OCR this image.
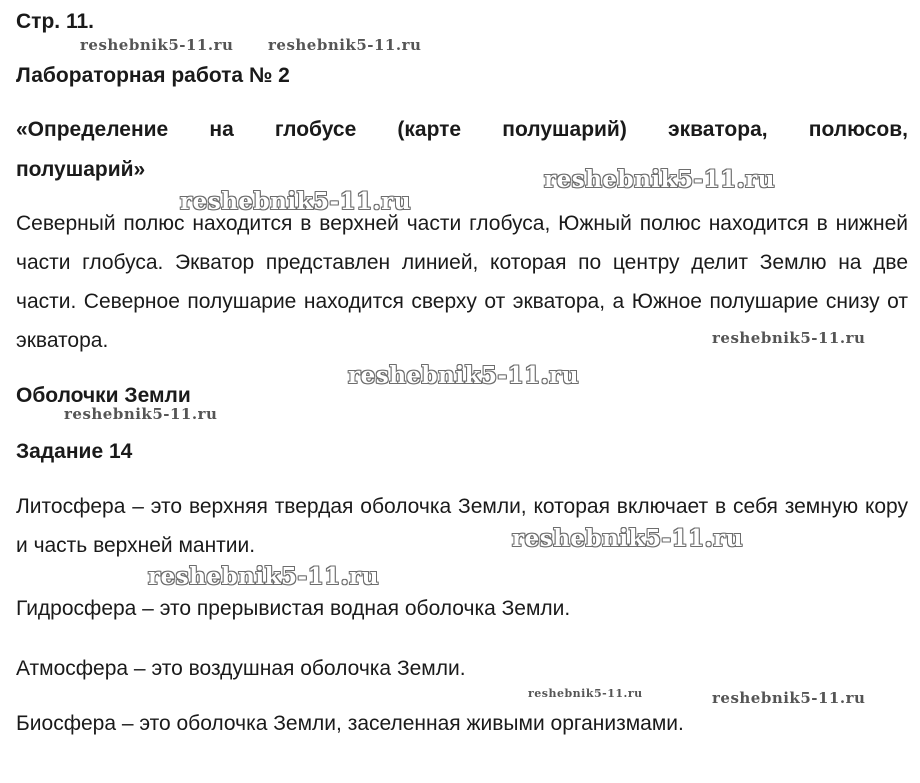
Стр. 11.

Лабораторная работа № 2

«Определение на глобусе (карте полушарий) экватора, полюсов,

полушарий»

Северный полюс находится в верхней части глобуса, Южный полюс находится в нижней части глобуса. Экватор представлен линией, которая по центру делит Землю на две части. Северное полушарие находится сверху от экватора, а Южное полушарие снизу от экватора.

Оболочки Земли

Задание 14

Литосфера – это верхняя твердая оболочка Земли, которая включает в себя земную кору и часть верхней мантии.

Гидросфера – это прерывистая водная оболочка Земли.

Атмосфера – это воздушная оболочка Земли.

Биосфера – это оболочка Земли, заселенная живыми организмами.

reshebnik5-11.ru reshebnik5-11.ru
reshebnik5-11.ru
reshebnik5-11.ru
reshebnik5-11.ru
reshebnik5-11.ru
reshebnik5-11.ru
reshebnik5-11.ru
reshebnik5-11.ru
reshebnik5-11.ru	reshebnik5-11.ru
